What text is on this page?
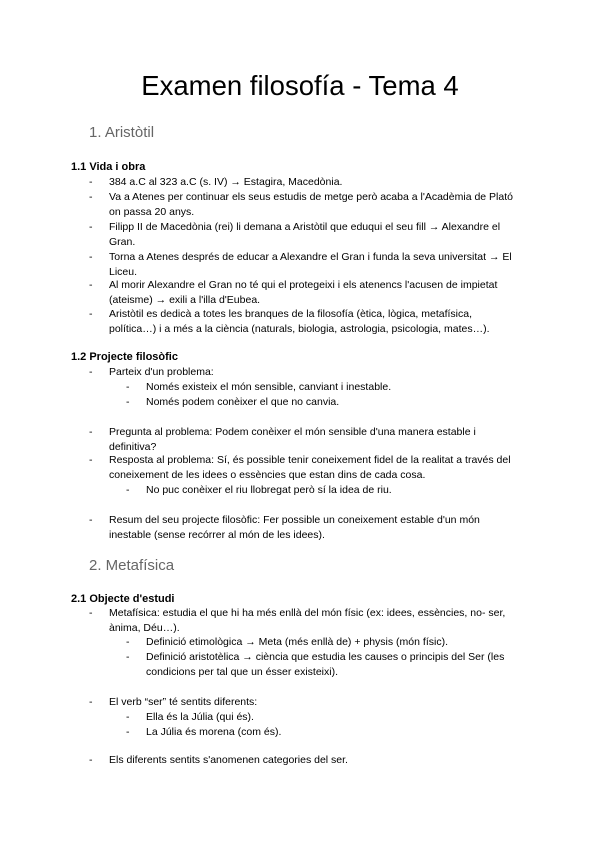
Examen filosofía - Tema 4
1. Aristòtil
1.1 Vida i obra
- 384 a.C al 323 a.C (s. IV) → Estagira, Macedònia.
- Va a Atenes per continuar els seus estudis de metge però acaba a l'Acadèmia de Plató on passa 20 anys.
- Filipp II de Macedònia (rei) li demana a Aristòtil que eduqui el seu fill → Alexandre el Gran.
- Torna a Atenes després de educar a Alexandre el Gran i funda la seva universitat → El Liceu.
- Al morir Alexandre el Gran no té qui el protegeixi i els atenencs l'acusen de impietat (ateisme) → exili a l'illa d'Eubea.
- Aristòtil es dedicà a totes les branques de la filosofía (ètica, lògica, metafísica, política…) i a més a la ciència (naturals, biologia, astrologia, psicologia, mates…).
1.2 Projecte filosòfic
- Parteix d'un problema:
- Només existeix el món sensible, canviant i inestable.
- Només podem conèixer el que no canvia.
- Pregunta al problema: Podem conèixer el món sensible d'una manera estable i definitiva?
- Resposta al problema: Sí, és possible tenir coneixement fidel de la realitat a través del coneixement de les idees o essències que estan dins de cada cosa.
- No puc conèixer el riu llobregat però sí la idea de riu.
- Resum del seu projecte filosòfic: Fer possible un coneixement estable d'un món inestable (sense recórrer al món de les idees).
2. Metafísica
2.1 Objecte d'estudi
- Metafísica: estudia el que hi ha més enllà del món físic (ex: idees, essències, no- ser, ànima, Déu…).
- Definició etimològica → Meta (més enllà de) + physis (món físic).
- Definició aristotèlica → ciència que estudia les causes o principis del Ser (les condicions per tal que un ésser existeixi).
- El verb “ser” té sentits diferents:
- Ella és la Júlia (qui és).
- La Júlia és morena (com és).
- Els diferents sentits s'anomenen categories del ser.
